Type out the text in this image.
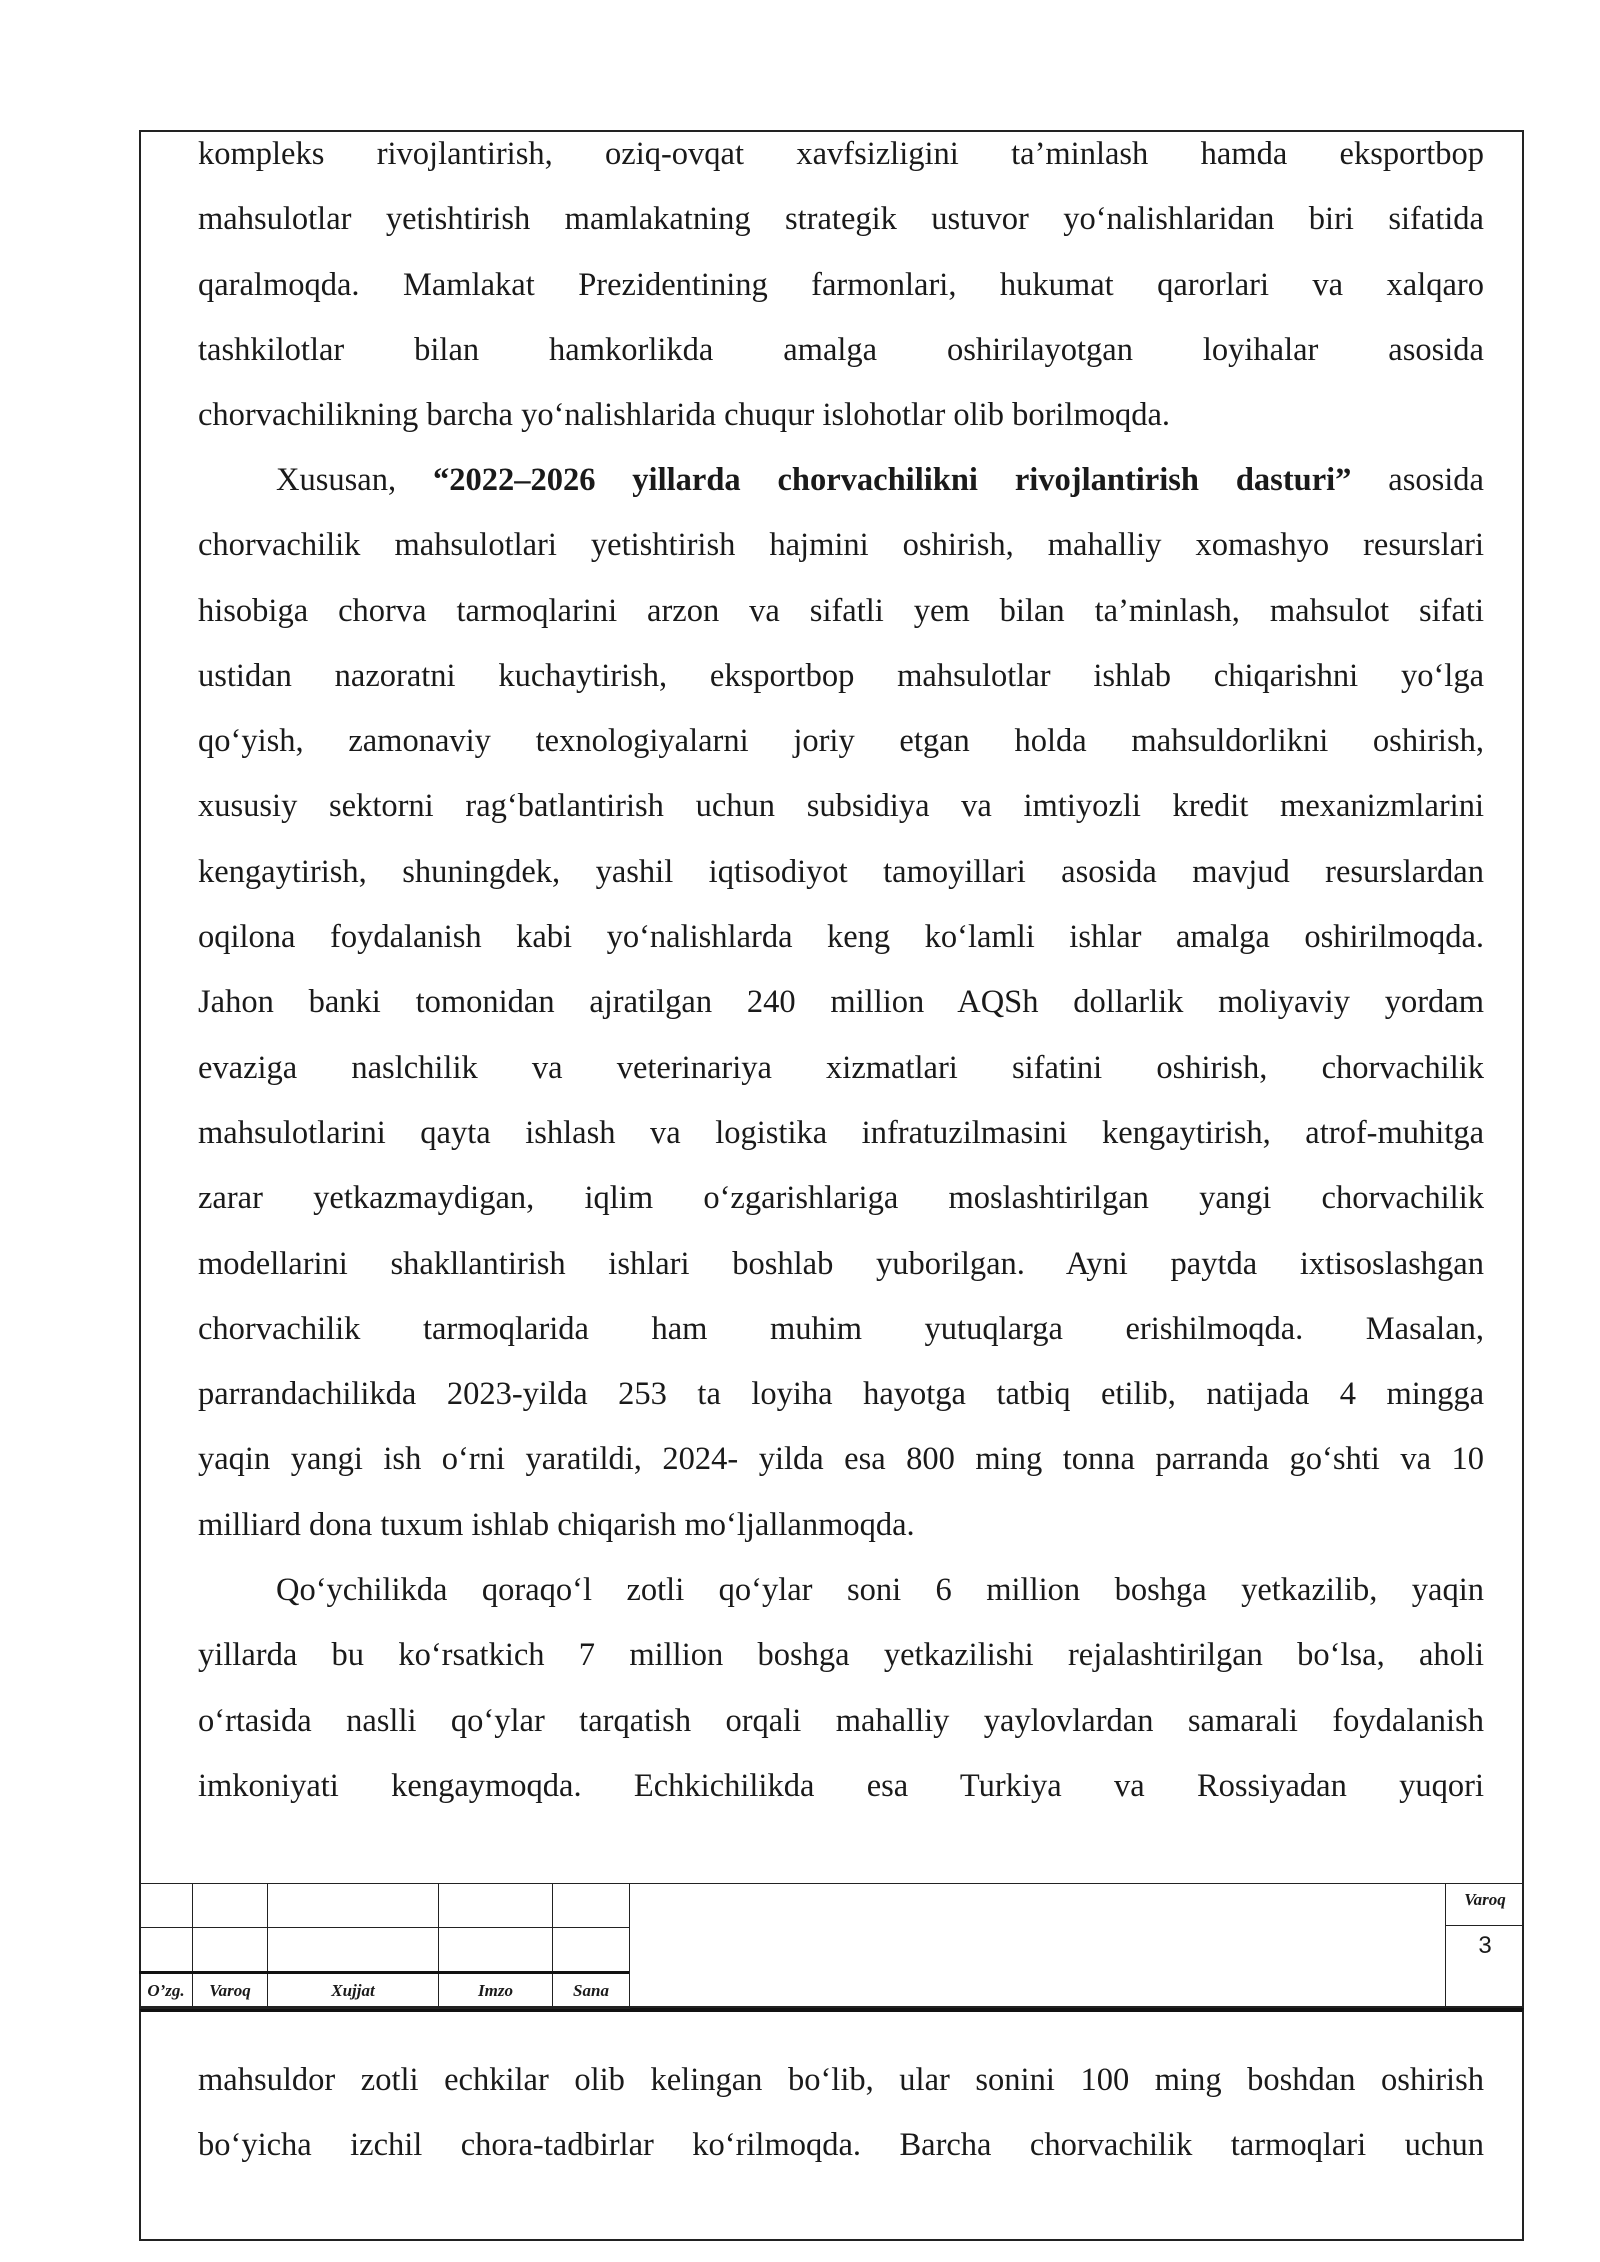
kompleks rivojlantirish, oziq-ovqat xavfsizligini ta’minlash hamda eksportbop
mahsulotlar yetishtirish mamlakatning strategik ustuvor yo‘nalishlaridan biri sifatida
qaralmoqda. Mamlakat Prezidentining farmonlari, hukumat qarorlari va xalqaro
tashkilotlar bilan hamkorlikda amalga oshirilayotgan loyihalar asosida
chorvachilikning barcha yo‘nalishlarida chuqur islohotlar olib borilmoqda.
Xususan, “2022–2026 yillarda chorvachilikni rivojlantirish dasturi” asosida
chorvachilik mahsulotlari yetishtirish hajmini oshirish, mahalliy xomashyo resurslari
hisobiga chorva tarmoqlarini arzon va sifatli yem bilan ta’minlash, mahsulot sifati
ustidan nazoratni kuchaytirish, eksportbop mahsulotlar ishlab chiqarishni yo‘lga
qo‘yish, zamonaviy texnologiyalarni joriy etgan holda mahsuldorlikni oshirish,
xususiy sektorni rag‘batlantirish uchun subsidiya va imtiyozli kredit mexanizmlarini
kengaytirish, shuningdek, yashil iqtisodiyot tamoyillari asosida mavjud resurslardan
oqilona foydalanish kabi yo‘nalishlarda keng ko‘lamli ishlar amalga oshirilmoqda.
Jahon banki tomonidan ajratilgan 240 million AQSh dollarlik moliyaviy yordam
evaziga naslchilik va veterinariya xizmatlari sifatini oshirish, chorvachilik
mahsulotlarini qayta ishlash va logistika infratuzilmasini kengaytirish, atrof-muhitga
zarar yetkazmaydigan, iqlim o‘zgarishlariga moslashtirilgan yangi chorvachilik
modellarini shakllantirish ishlari boshlab yuborilgan. Ayni paytda ixtisoslashgan
chorvachilik tarmoqlarida ham muhim yutuqlarga erishilmoqda. Masalan,
parrandachilikda 2023-yilda 253 ta loyiha hayotga tatbiq etilib, natijada 4 mingga
yaqin yangi ish o‘rni yaratildi, 2024- yilda esa 800 ming tonna parranda go‘shti va 10
milliard dona tuxum ishlab chiqarish mo‘ljallanmoqda.
Qo‘ychilikda qoraqo‘l zotli qo‘ylar soni 6 million boshga yetkazilib, yaqin
yillarda bu ko‘rsatkich 7 million boshga yetkazilishi rejalashtirilgan bo‘lsa, aholi
o‘rtasida naslli qo‘ylar tarqatish orqali mahalliy yaylovlardan samarali foydalanish
imkoniyati kengaymoqda. Echkichilikda esa Turkiya va Rossiyadan yuqori

O’zg.	Varoq	Xujjat	Imzo	Sana
Varoq
3
mahsuldor zotli echkilar olib kelingan bo‘lib, ular sonini 100 ming boshdan oshirish
bo‘yicha izchil chora-tadbirlar ko‘rilmoqda. Barcha chorvachilik tarmoqlari uchun
